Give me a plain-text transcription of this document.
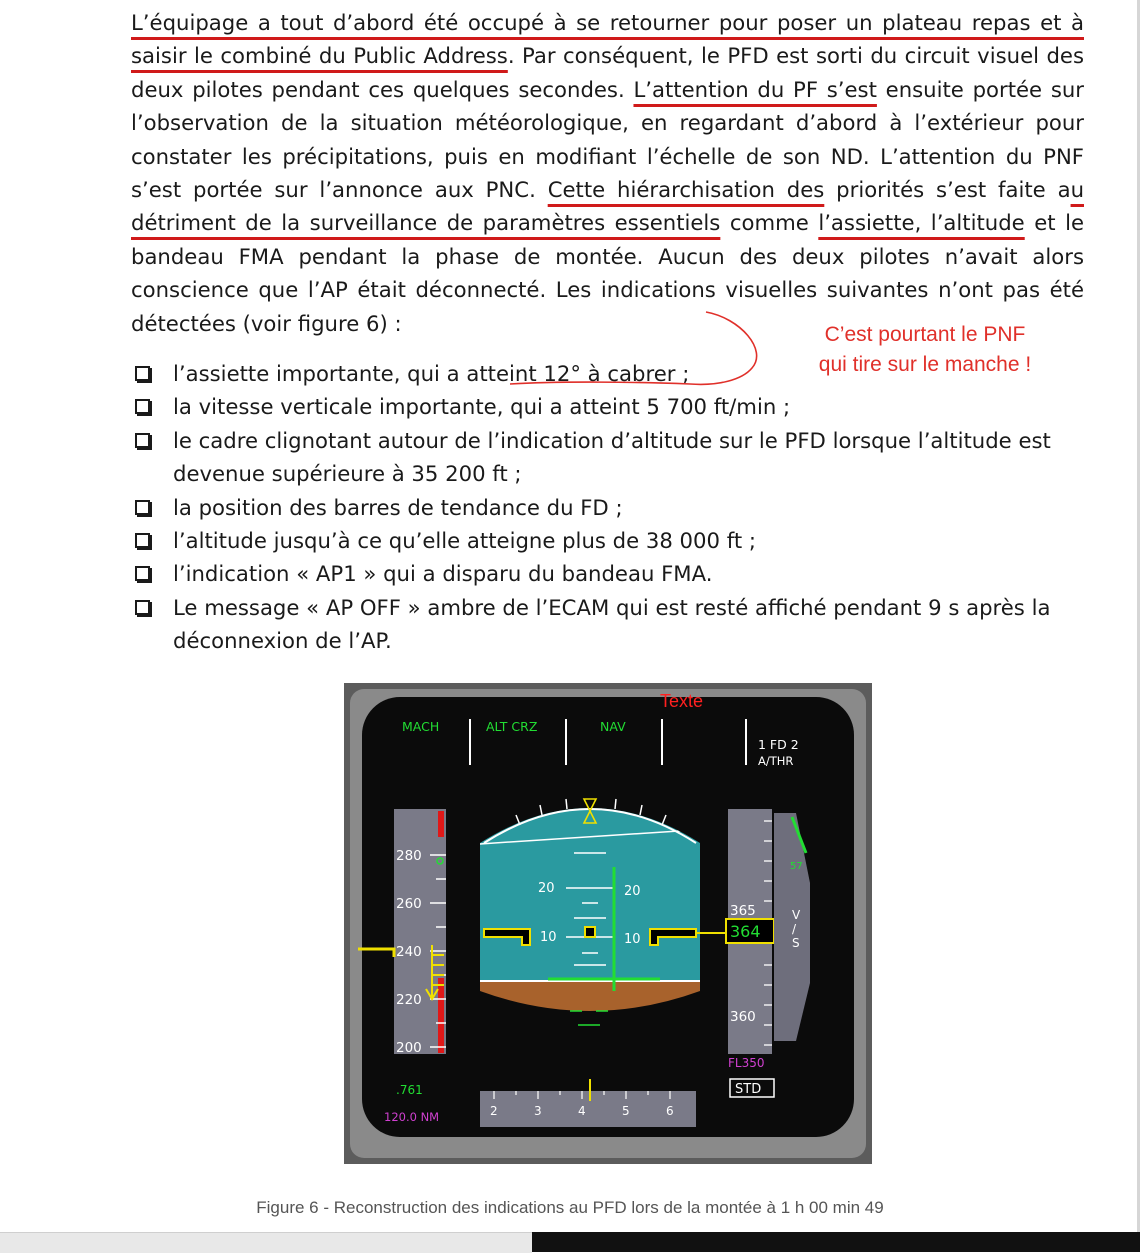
L’équipage a tout d’abord été occupé à se retourner pour poser un plateau repas et à saisir le combiné du Public Address. Par conséquent, le PFD est sorti du circuit visuel des deux pilotes pendant ces quelques secondes. L’attention du PF s’est ensuite portée sur l’observation de la situation météorologique, en regardant d’abord à l’extérieur pour constater les précipitations, puis en modifiant l’échelle de son ND. L’attention du PNF s’est portée sur l’annonce aux PNC. Cette hiérarchisation des priorités s’est faite au détriment de la surveillance de paramètres essentiels comme l’assiette, l’altitude et le bandeau FMA pendant la phase de montée. Aucun des deux pilotes n’avait alors conscience que l’AP était déconnecté. Les indications visuelles suivantes n’ont pas été détectées (voir figure 6) :

l’assiette importante, qui a atteint 12° à cabrer ;
la vitesse verticale importante, qui a atteint 5 700 ft/min ;
le cadre clignotant autour de l’indication d’altitude sur le PFD lorsque l’altitude est devenue supérieure à 35 200 ft ;
la position des barres de tendance du FD ;
l’altitude jusqu’à ce qu’elle atteigne plus de 38 000 ft ;
l’indication « AP1 » qui a disparu du bandeau FMA.
Le message « AP OFF » ambre de l’ECAM qui est resté affiché pendant 9 s après la déconnexion de l’AP.
C’est pourtant le PNF
qui tire sur le manche !
Texte
MACH	ALT CRZ	NAV
1 FD 2
A/THR
280
260
240
220
200
20	20
10	10
365
360
364
57
V
/
S
FL350
STD
.761
120.0 NM	2	3	4	5	6
Figure 6 - Reconstruction des indications au PFD lors de la montée à 1 h 00 min 49
